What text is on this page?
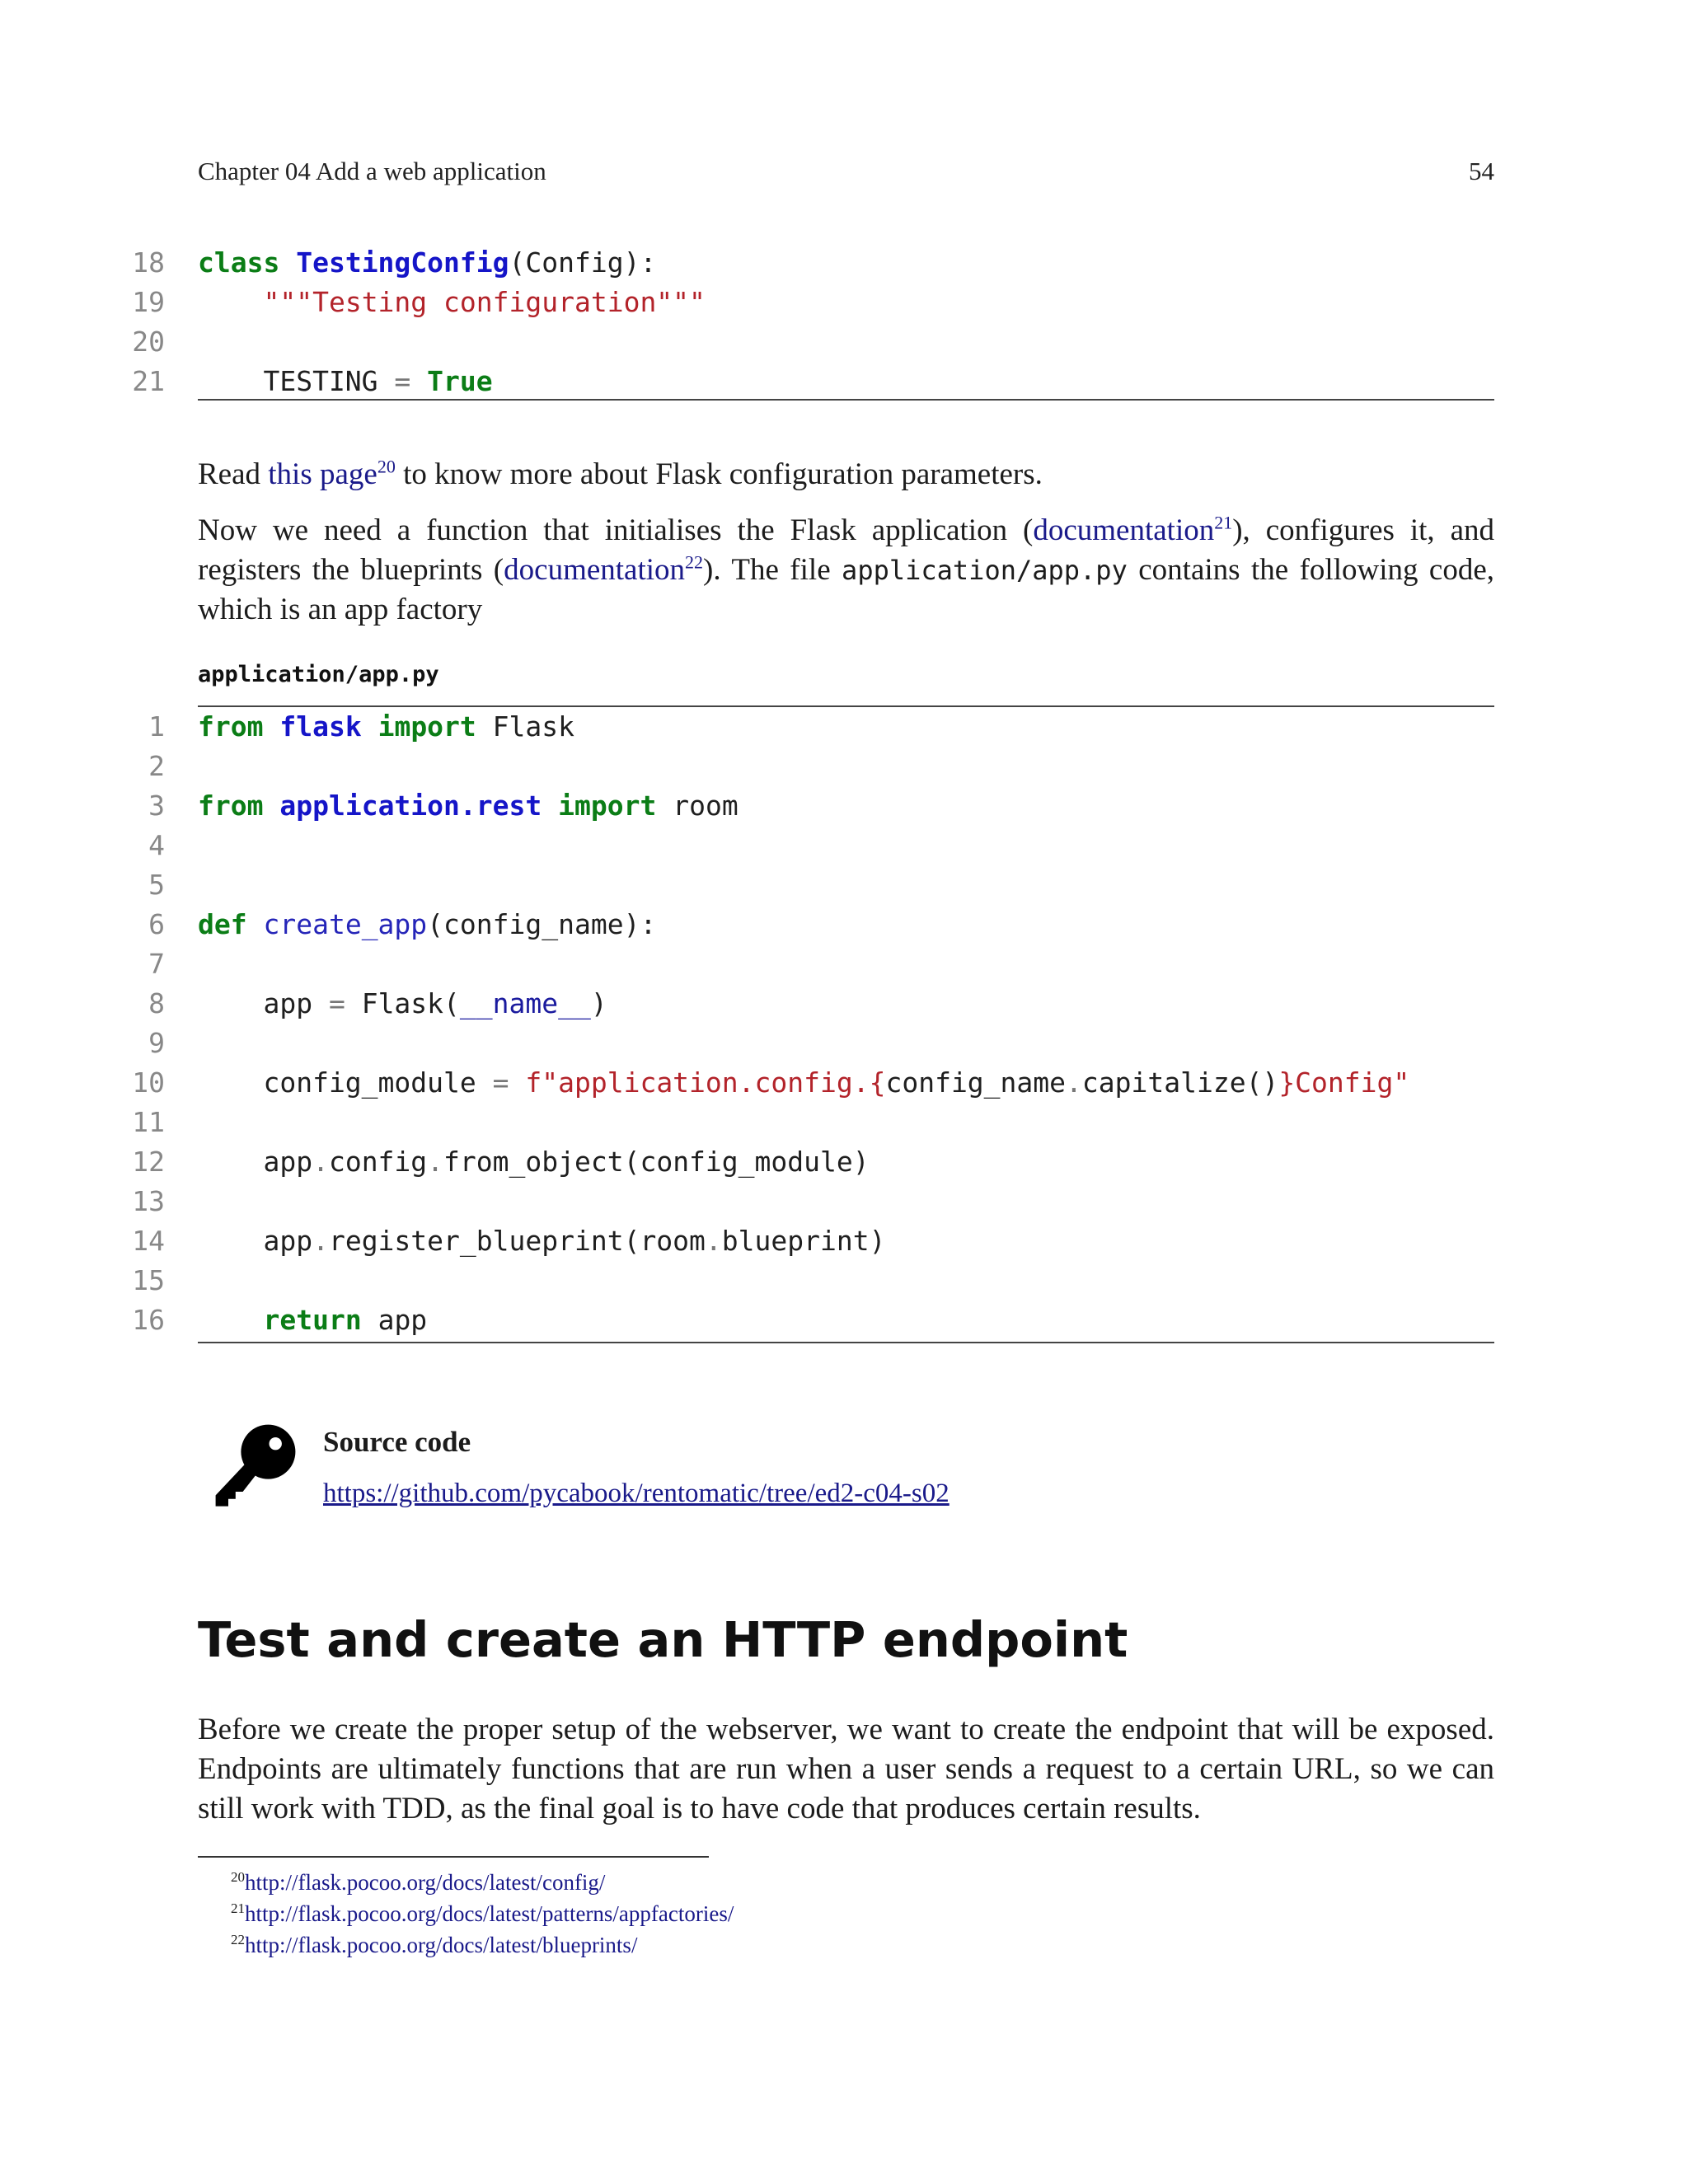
Chapter 04 Add a web application	54
18	class TestingConfig(Config):
19	"""Testing configuration"""
20
21	TESTING = True

Read this page$^{20}$ to know more about Flask configuration parameters.

Now we need a function that initialises the Flask application (documentation$^{21}$), configures it, and registers the blueprints (documentation$^{22}$). The file application/app.py contains the following code, which is an app factory

application/app.py
1	from flask import Flask
2
3	from application.rest import room
4
5
6	def create_app(config_name):
7
8	app = Flask(__name__)
9
10	config_module = f"application.config.{config_name.capitalize()}Config"
11
12	app.config.from_object(config_module)
13
14	app.register_blueprint(room.blueprint)
15
16	return app
Source code
https://github.com/pycabook/rentomatic/tree/ed2-c04-s02
Test and create an HTTP endpoint

Before we create the proper setup of the webserver, we want to create the endpoint that will be exposed. Endpoints are ultimately functions that are run when a user sends a request to a certain URL, so we can still work with TDD, as the final goal is to have code that produces certain results.

$^{20}$http://flask.pocoo.org/docs/latest/config/
$^{21}$http://flask.pocoo.org/docs/latest/patterns/appfactories/
$^{22}$http://flask.pocoo.org/docs/latest/blueprints/
